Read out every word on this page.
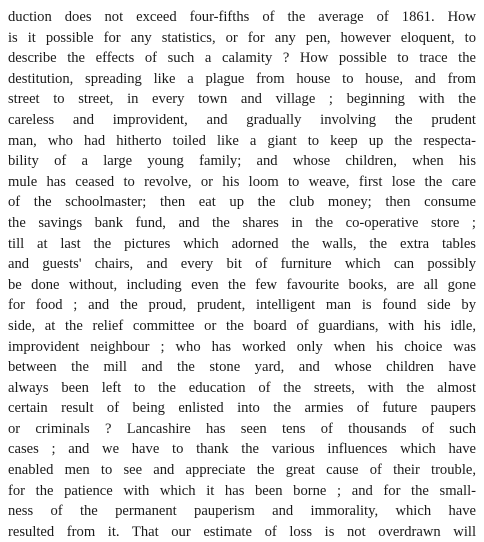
duction does not exceed four-fifths of the average of 1861. How
is it possible for any statistics, or for any pen, however eloquent, to
describe the effects of such a calamity ? How possible to trace the
destitution, spreading like a plague from house to house, and from
street to street, in every town and village ; beginning with the
careless and improvident, and gradually involving the prudent
man, who had hitherto toiled like a giant to keep up the respecta-
bility of a large young family; and whose children, when his
mule has ceased to revolve, or his loom to weave, first lose the care
of the schoolmaster; then eat up the club money; then consume
the savings bank fund, and the shares in the co-operative store ;
till at last the pictures which adorned the walls, the extra tables
and guests' chairs, and every bit of furniture which can possibly
be done without, including even the few favourite books, are all gone
for food ; and the proud, prudent, intelligent man is found side by
side, at the relief committee or the board of guardians, with his idle,
improvident neighbour ; who has worked only when his choice was
between the mill and the stone yard, and whose children have
always been left to the education of the streets, with the almost
certain result of being enlisted into the armies of future paupers
or criminals ? Lancashire has seen tens of thousands of such
cases ; and we have to thank the various influences which have
enabled men to see and appreciate the great cause of their trouble,
for the patience with which it has been borne ; and for the small-
ness of the permanent pauperism and immorality, which have
resulted from it. That our estimate of loss is not overdrawn will
